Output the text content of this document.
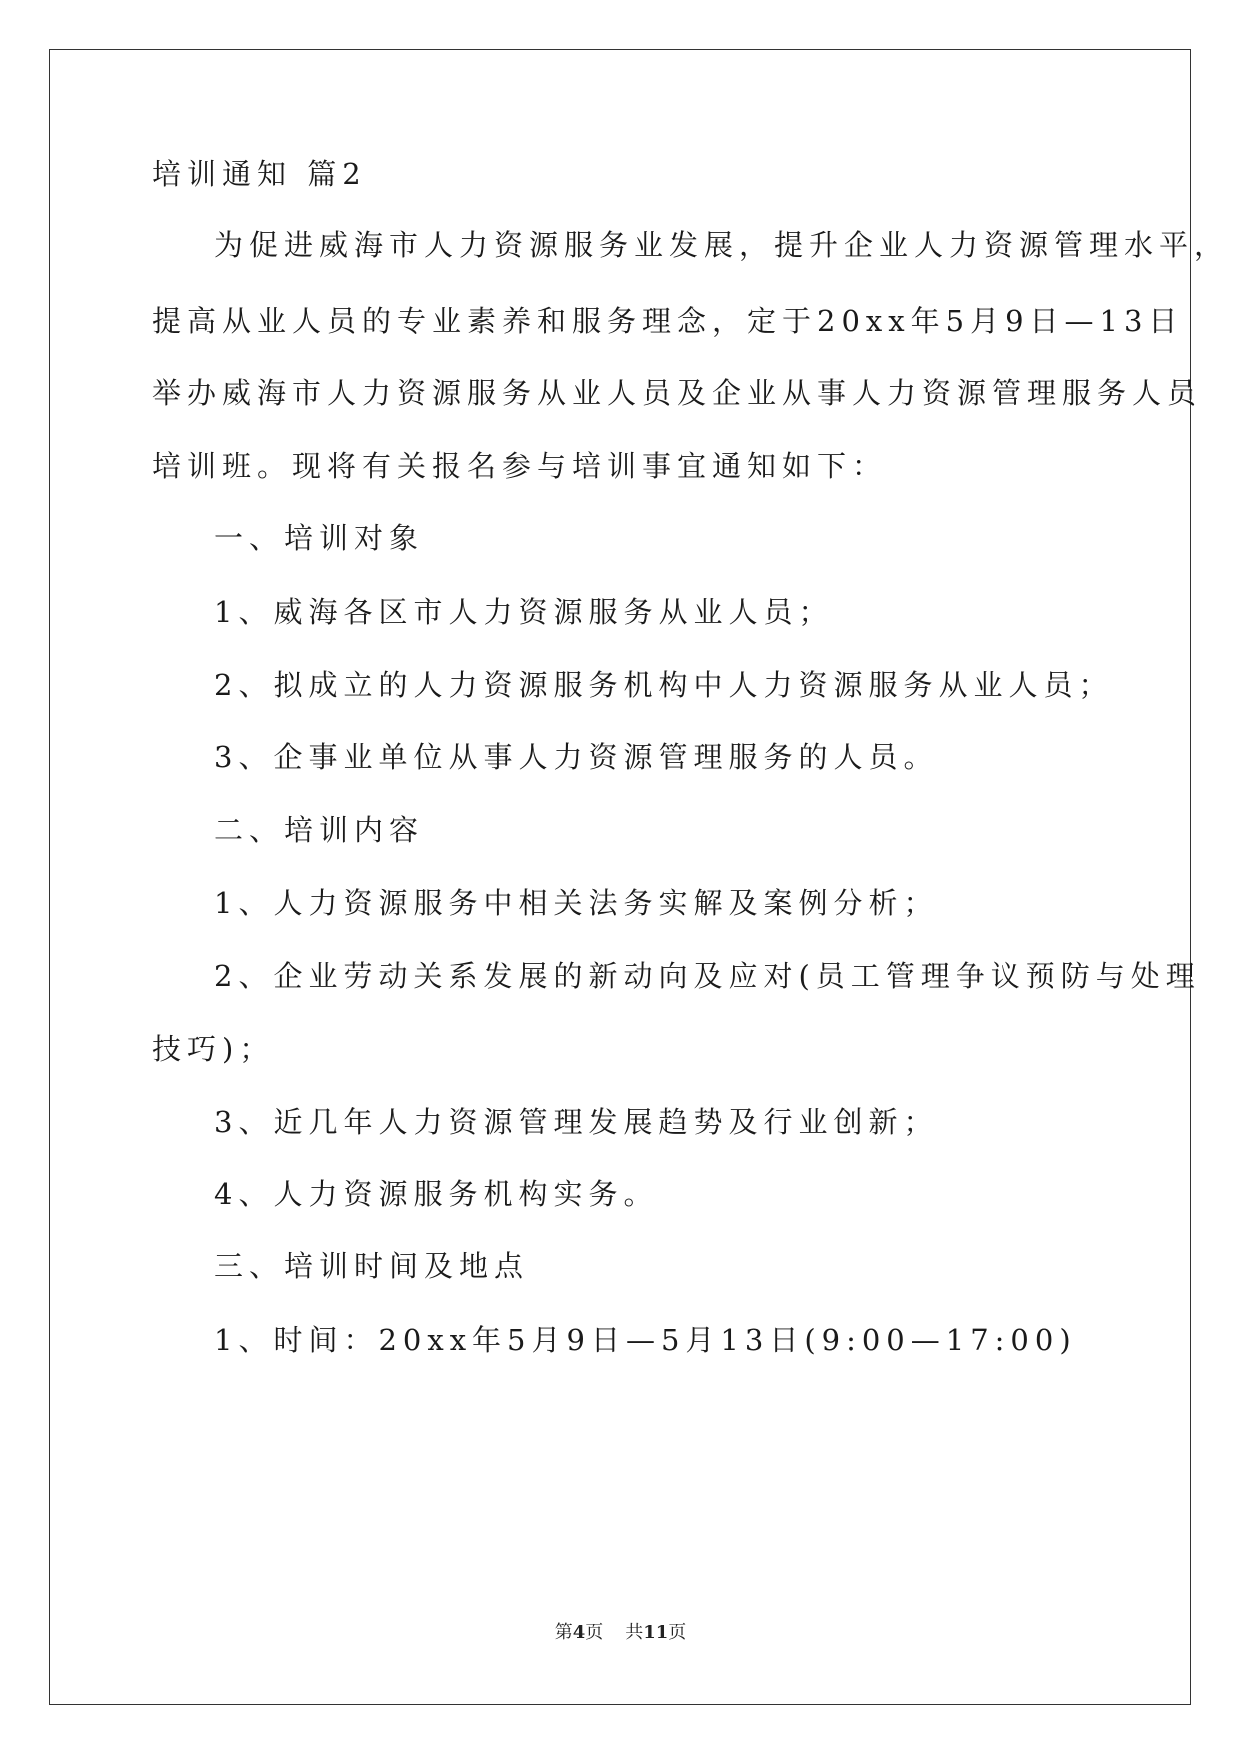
培训通知 篇2
为促进威海市人力资源服务业发展，提升企业人力资源管理水平，
提高从业人员的专业素养和服务理念，定于20xx年5月9日—13日
举办威海市人力资源服务从业人员及企业从事人力资源管理服务人员
培训班。现将有关报名参与培训事宜通知如下：
一、培训对象
1、威海各区市人力资源服务从业人员；
2、拟成立的人力资源服务机构中人力资源服务从业人员；
3、企事业单位从事人力资源管理服务的人员。
二、培训内容
1、人力资源服务中相关法务实解及案例分析；
2、企业劳动关系发展的新动向及应对(员工管理争议预防与处理
技巧)；
3、近几年人力资源管理发展趋势及行业创新；
4、人力资源服务机构实务。
三、培训时间及地点
1、时间：20xx年5月9日—5月13日(9:00—17:00)
第4页 共11页
